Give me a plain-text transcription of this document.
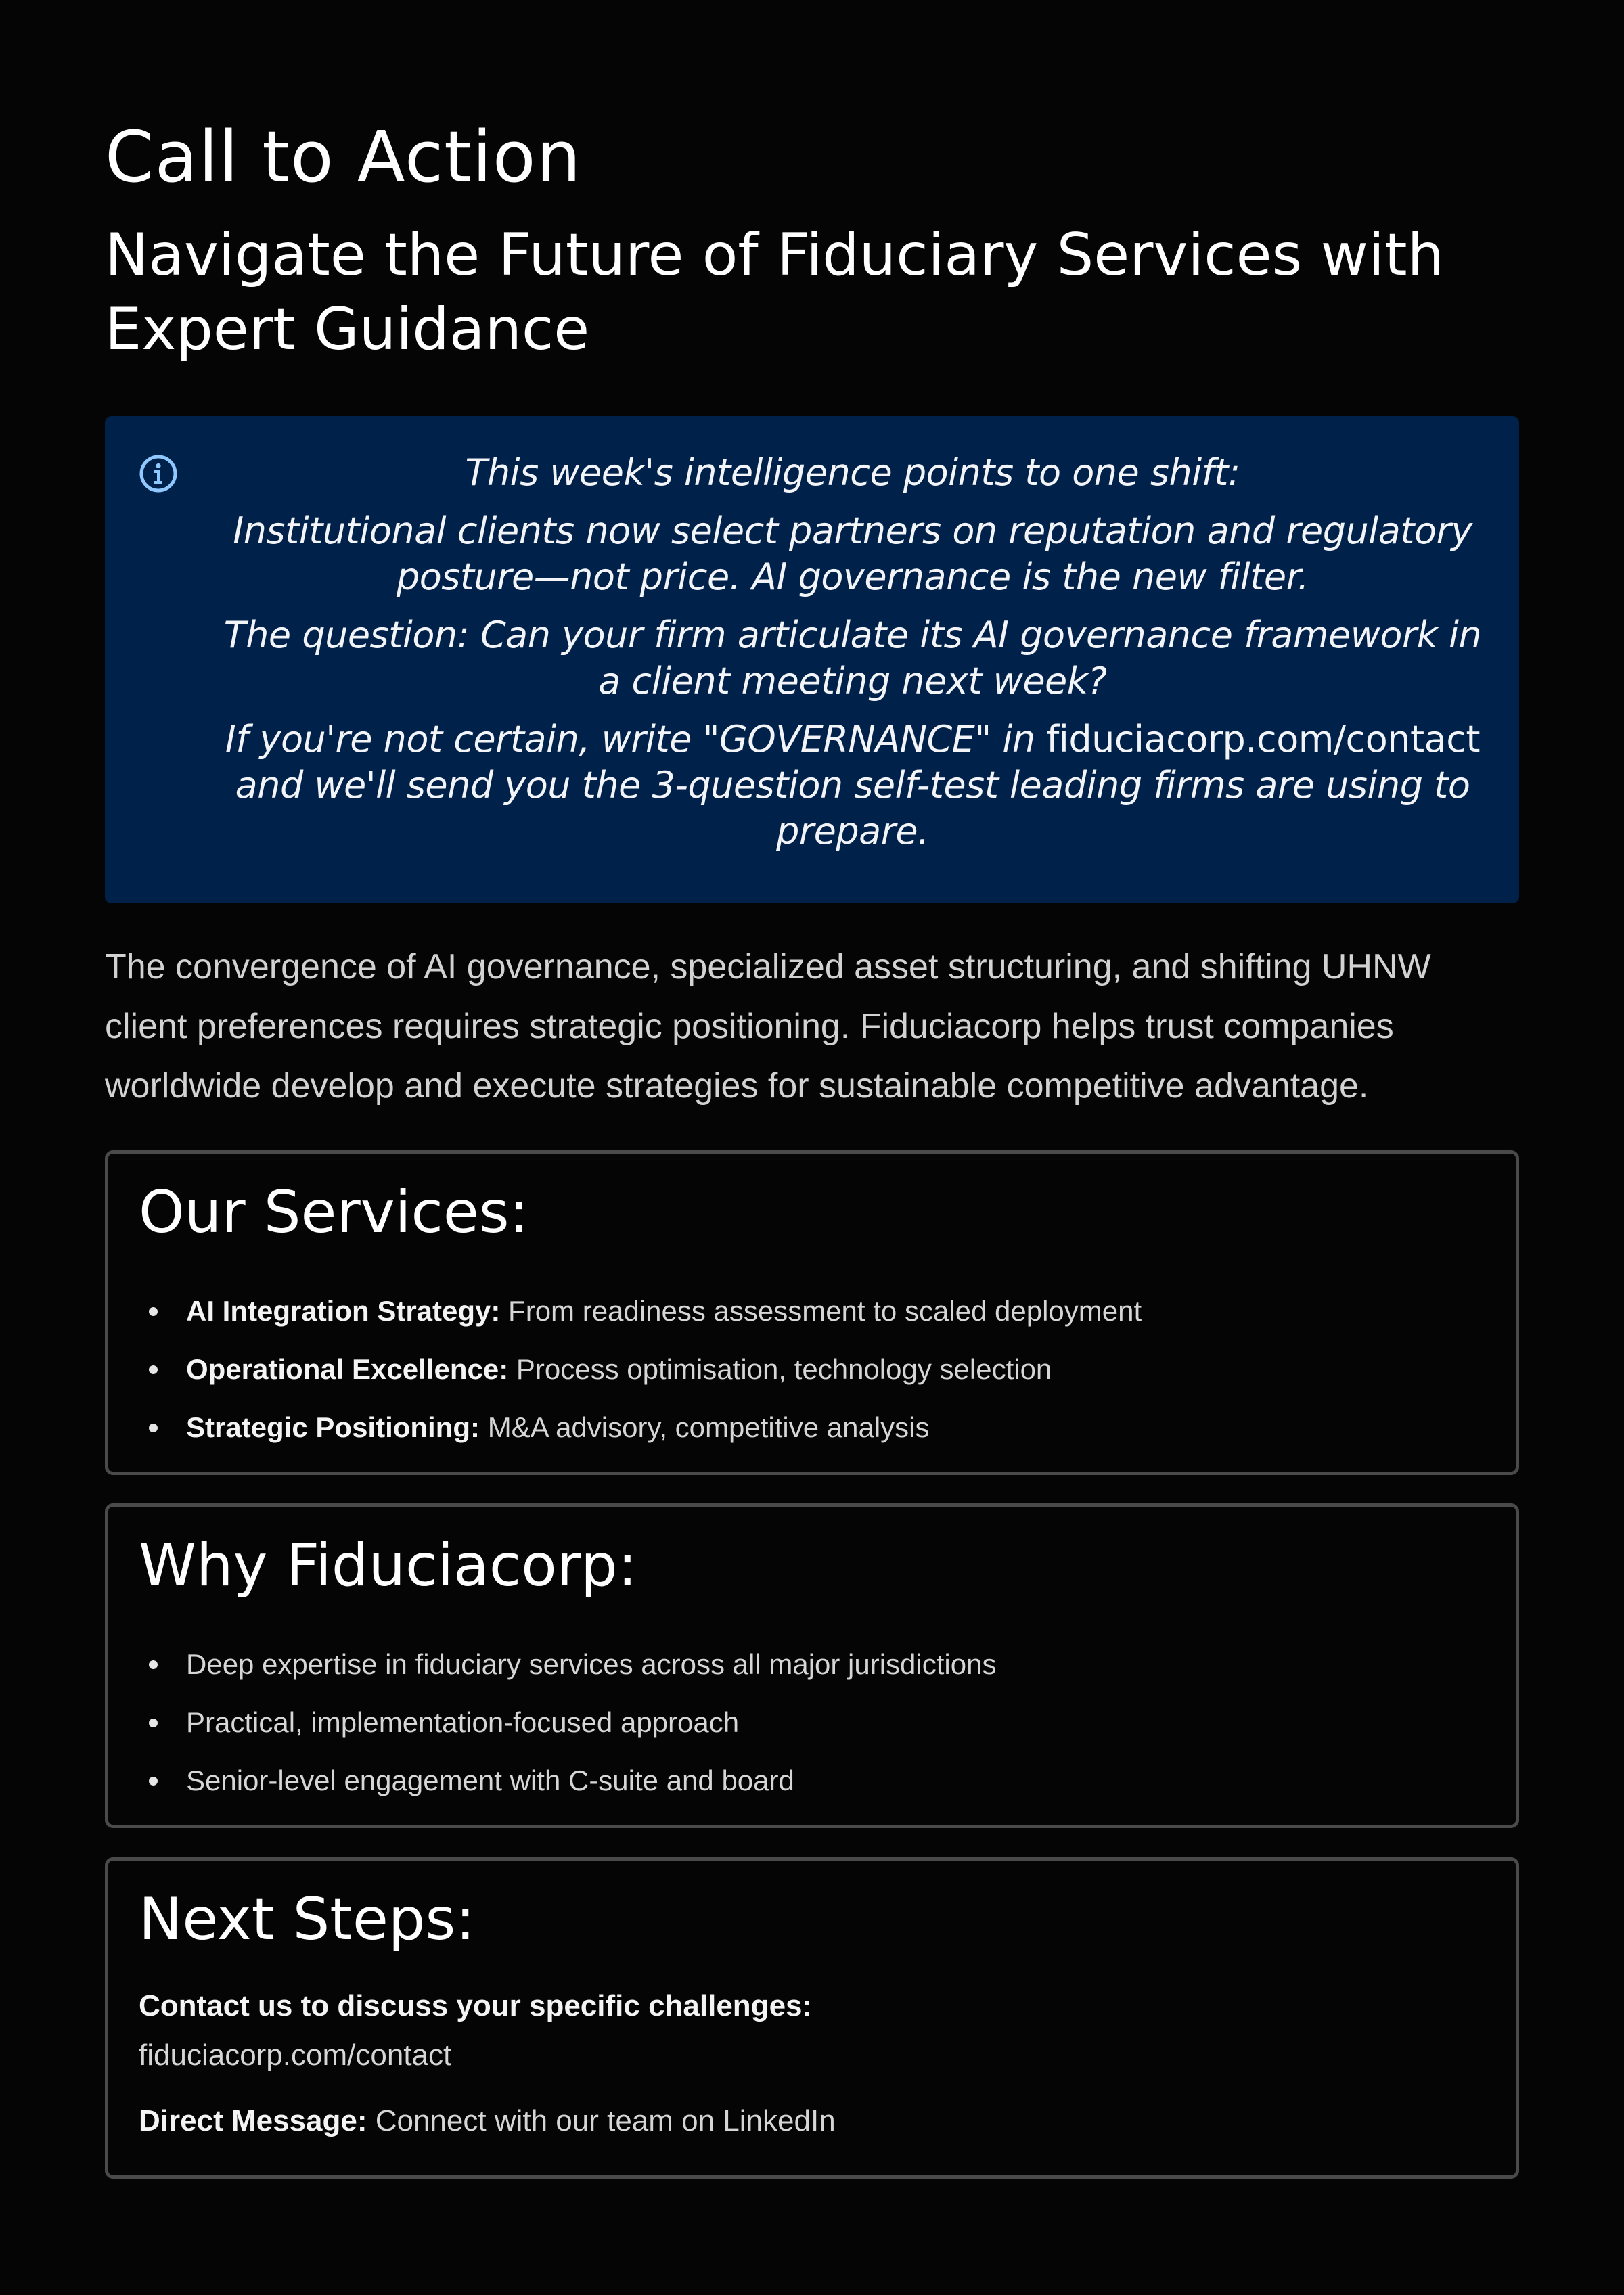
Call to Action
Navigate the Future of Fiduciary Services with Expert Guidance

This week's intelligence points to one shift:

Institutional clients now select partners on reputation and regulatory posture—not price. AI governance is the new filter.

The question: Can your firm articulate its AI governance framework in a client meeting next week?

If you're not certain, write "GOVERNANCE" in fiduciacorp.com/contact and we'll send you the 3-question self-test leading firms are using to prepare.

The convergence of AI governance, specialized asset structuring, and shifting UHNW client preferences requires strategic positioning. Fiduciacorp helps trust companies worldwide develop and execute strategies for sustainable competitive advantage.

Our Services:
AI Integration Strategy: From readiness assessment to scaled deployment
Operational Excellence: Process optimisation, technology selection
Strategic Positioning: M&A advisory, competitive analysis
Why Fiduciacorp:
Deep expertise in fiduciary services across all major jurisdictions
Practical, implementation-focused approach
Senior-level engagement with C-suite and board
Next Steps:
Contact us to discuss your specific challenges:
fiduciacorp.com/contact
Direct Message: Connect with our team on LinkedIn
